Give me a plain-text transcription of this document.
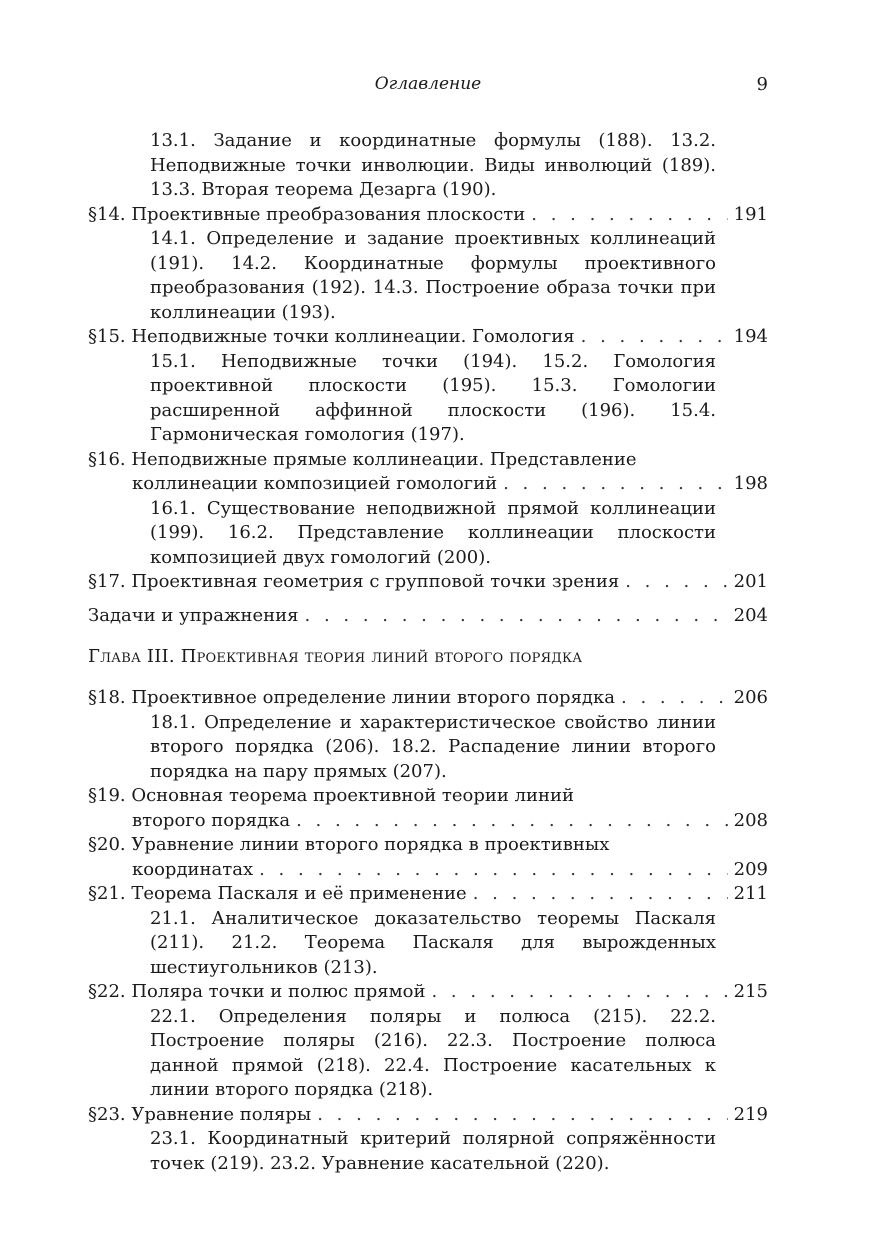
Оглавление	9
13.1. Задание и координатные формулы (188). 13.2. Неподвижные точки инволюции. Виды инволюций (189). 13.3. Вторая теорема Дезарга (190).
§14. Проективные преобразования плоскости . . .	191
14.1. Определение и задание проективных коллинеаций (191). 14.2. Координатные формулы проективного преобразования (192). 14.3. Построение образа точки при коллинеации (193).
§15. Неподвижные точки коллинеации. Гомология . . .	194
15.1. Неподвижные точки (194). 15.2. Гомология проективной плоскости (195). 15.3. Гомологии расширенной аффинной плоскости (196). 15.4. Гармоническая гомология (197).
§16. Неподвижные прямые коллинеации. Представление
коллинеации композицией гомологий . . .	198
16.1. Существование неподвижной прямой коллинеации (199). 16.2. Представление коллинеации плоскости композицией двух гомологий (200).
§17. Проективная геометрия с групповой точки зрения . . .	201
Задачи и упражнения . . .	204
Глава III. Проективная теория линий второго порядка
§18. Проективное определение линии второго порядка . . .	206
18.1. Определение и характеристическое свойство линии второго порядка (206). 18.2. Распадение линии второго порядка на пару прямых (207).
§19. Основная теорема проективной теории линий
второго порядка . . .	208
§20. Уравнение линии второго порядка в проективных
координатах . . .	209
§21. Теорема Паскаля и её применение . . .	211
21.1. Аналитическое доказательство теоремы Паскаля (211). 21.2. Теорема Паскаля для вырожденных шестиугольников (213).
§22. Поляра точки и полюс прямой . . .	215
22.1. Определения поляры и полюса (215). 22.2. Построение поляры (216). 22.3. Построение полюса данной прямой (218). 22.4. Построение касательных к линии второго порядка (218).
§23. Уравнение поляры . . .	219
23.1. Координатный критерий полярной сопряжённости точек (219). 23.2. Уравнение касательной (220).
